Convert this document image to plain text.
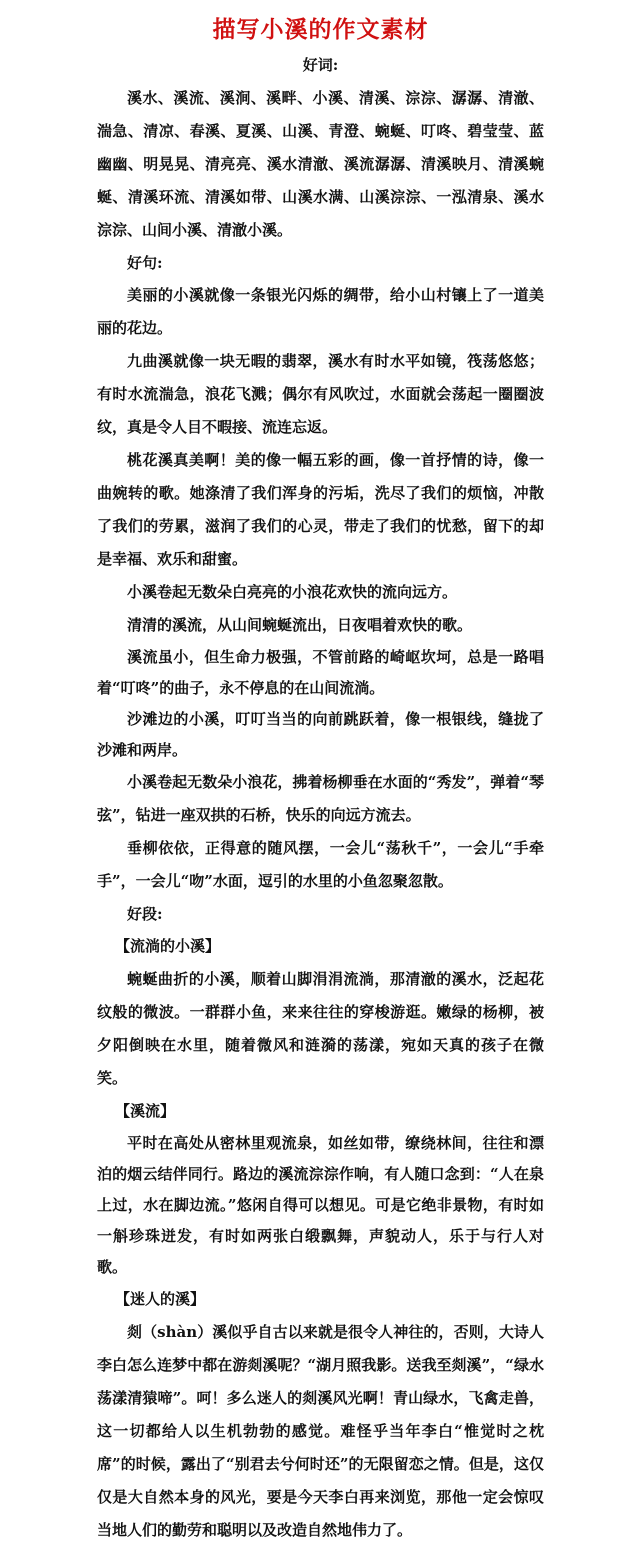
描写小溪的作文素材

好词:

溪水、溪流、溪涧、溪畔、小溪、清溪、淙淙、潺潺、清澈、湍急、清凉、春溪、夏溪、山溪、青澄、蜿蜒、叮咚、碧莹莹、蓝幽幽、明晃晃、清亮亮、溪水清澈、溪流潺潺、清溪映月、清溪蜿蜒、清溪环流、清溪如带、山溪水满、山溪淙淙、一泓清泉、溪水淙淙、山间小溪、清澈小溪。

好句:

美丽的小溪就像一条银光闪烁的绸带，给小山村镶上了一道美丽的花边。

九曲溪就像一块无暇的翡翠，溪水有时水平如镜，筏荡悠悠；有时水流湍急，浪花飞溅；偶尔有风吹过，水面就会荡起一圈圈波纹，真是令人目不暇接、流连忘返。

桃花溪真美啊！美的像一幅五彩的画，像一首抒情的诗，像一曲婉转的歌。她涤清了我们浑身的污垢，洗尽了我们的烦恼，冲散了我们的劳累，滋润了我们的心灵，带走了我们的忧愁，留下的却是幸福、欢乐和甜蜜。

小溪卷起无数朵白亮亮的小浪花欢快的流向远方。

清清的溪流，从山间蜿蜒流出，日夜唱着欢快的歌。

溪流虽小，但生命力极强，不管前路的崎岖坎坷，总是一路唱着“叮咚”的曲子，永不停息的在山间流淌。

沙滩边的小溪，叮叮当当的向前跳跃着，像一根银线，缝拢了沙滩和两岸。

小溪卷起无数朵小浪花，拂着杨柳垂在水面的“秀发”，弹着“琴弦”，钻进一座双拱的石桥，快乐的向远方流去。

垂柳依依，正得意的随风摆，一会儿“荡秋千”，一会儿“手牵手”，一会儿“吻”水面，逗引的水里的小鱼忽聚忽散。

好段:

【流淌的小溪】

蜿蜒曲折的小溪，顺着山脚涓涓流淌，那清澈的溪水，泛起花纹般的微波。一群群小鱼，来来往往的穿梭游逛。嫩绿的杨柳，被夕阳倒映在水里，随着微风和涟漪的荡漾，宛如天真的孩子在微笑。

【溪流】

平时在高处从密林里观流泉，如丝如带，缭绕林间，往往和漂泊的烟云结伴同行。路边的溪流淙淙作响，有人随口念到：“人在泉上过，水在脚边流。”悠闲自得可以想见。可是它绝非景物，有时如一斛珍珠迸发，有时如两张白缎飘舞，声貌动人，乐于与行人对歌。

【迷人的溪】

剡（shàn）溪似乎自古以来就是很令人神往的，否则，大诗人李白怎么连梦中都在游剡溪呢？“湖月照我影。送我至剡溪”，“绿水荡漾清猿啼”。呵！多么迷人的剡溪风光啊！青山绿水，飞禽走兽，这一切都给人以生机勃勃的感觉。难怪乎当年李白“惟觉时之枕席”的时候，露出了“别君去兮何时还”的无限留恋之情。但是，这仅仅是大自然本身的风光，要是今天李白再来浏览，那他一定会惊叹当地人们的勤劳和聪明以及改造自然地伟力了。
